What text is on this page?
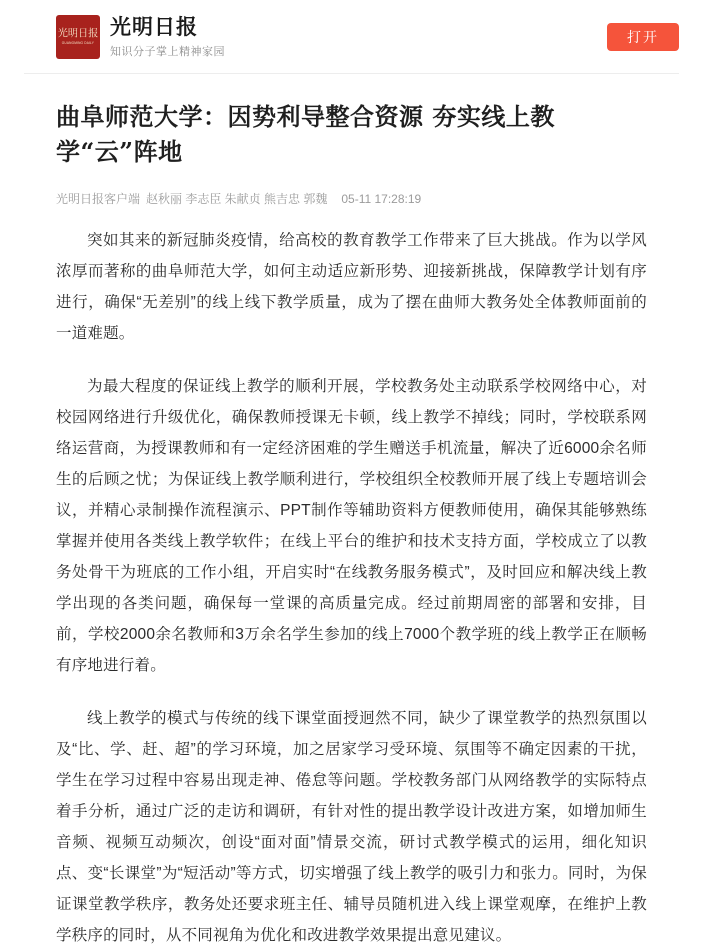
光明日报
GUANGMING DAILY
光明日报
知识分子掌上精神家园
打开
曲阜师范大学：因势利导整合资源 夯实线上教学“云”阵地
光明日报客户端 赵秋丽 李志臣 朱献贞 熊吉忠 郭魏 05-11 17:28:19

突如其来的新冠肺炎疫情，给高校的教育教学工作带来了巨大挑战。作为以学风浓厚而著称的曲阜师范大学，如何主动适应新形势、迎接新挑战，保障教学计划有序进行，确保“无差别”的线上线下教学质量，成为了摆在曲师大教务处全体教师面前的一道难题。

为最大程度的保证线上教学的顺利开展，学校教务处主动联系学校网络中心，对校园网络进行升级优化，确保教师授课无卡顿，线上教学不掉线；同时，学校联系网络运营商，为授课教师和有一定经济困难的学生赠送手机流量，解决了近6000余名师生的后顾之忧；为保证线上教学顺利进行，学校组织全校教师开展了线上专题培训会议，并精心录制操作流程演示、PPT制作等辅助资料方便教师使用，确保其能够熟练掌握并使用各类线上教学软件；在线上平台的维护和技术支持方面，学校成立了以教务处骨干为班底的工作小组，开启实时“在线教务服务模式”，及时回应和解决线上教学出现的各类问题，确保每一堂课的高质量完成。经过前期周密的部署和安排，目前，学校2000余名教师和3万余名学生参加的线上7000个教学班的线上教学正在顺畅有序地进行着。

线上教学的模式与传统的线下课堂面授迥然不同，缺少了课堂教学的热烈氛围以及“比、学、赶、超”的学习环境，加之居家学习受环境、氛围等不确定因素的干扰，学生在学习过程中容易出现走神、倦怠等问题。学校教务部门从网络教学的实际特点着手分析，通过广泛的走访和调研，有针对性的提出教学设计改进方案，如增加师生音频、视频互动频次，创设“面对面”情景交流，研讨式教学模式的运用，细化知识点、变“长课堂”为“短活动”等方式，切实增强了线上教学的吸引力和张力。同时，为保证课堂教学秩序，教务处还要求班主任、辅导员随机进入线上课堂观摩，在维护上教学秩序的同时，从不同视角为优化和改进教学效果提出意见建议。
